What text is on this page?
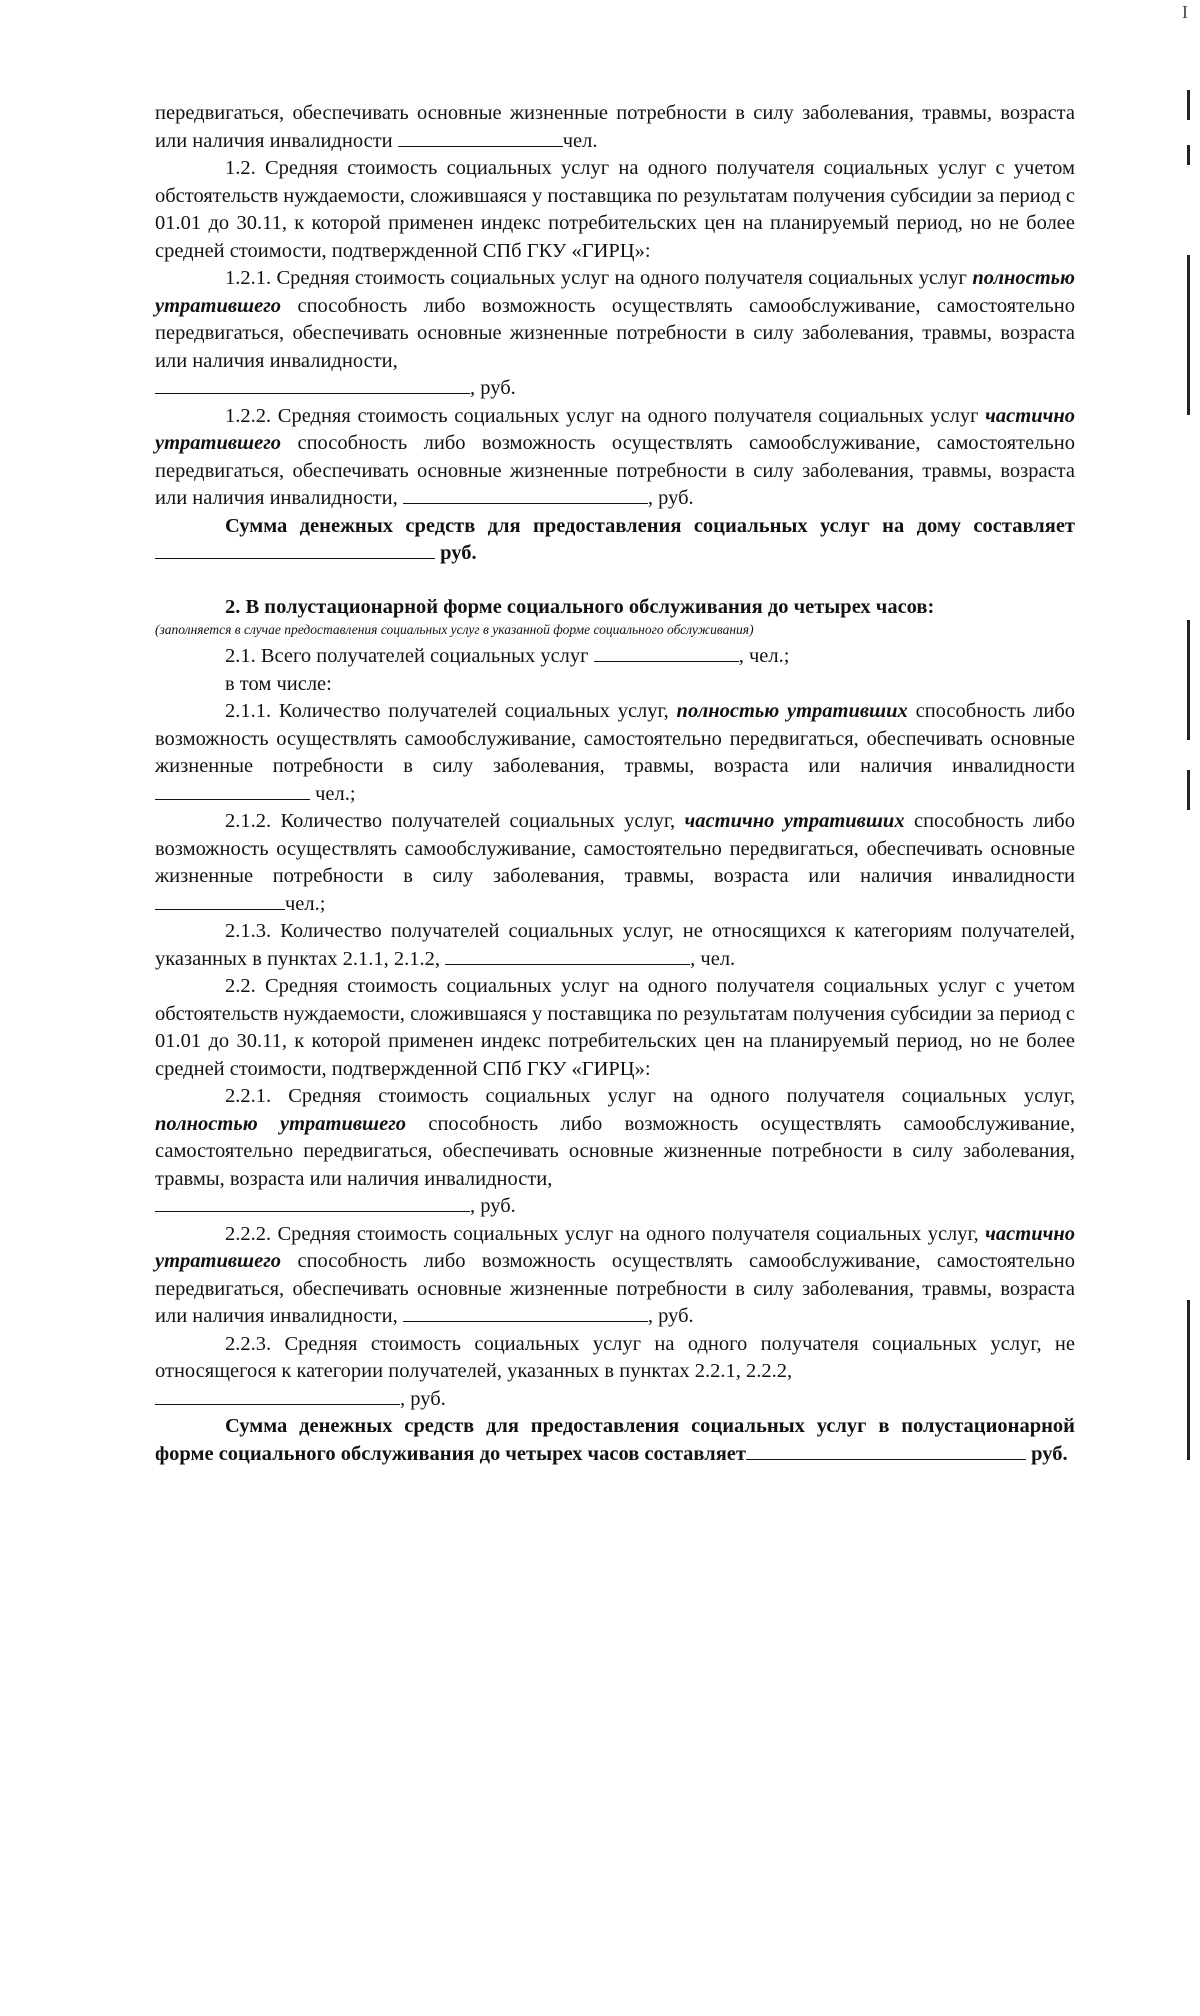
I

передвигаться, обеспечивать основные жизненные потребности в силу заболевания, травмы, возраста или наличия инвалидности	чел.

1.2. Средняя стоимость социальных услуг на одного получателя социальных услуг с учетом обстоятельств нуждаемости, сложившаяся у поставщика по результатам получения субсидии за период с 01.01 до 30.11, к которой применен индекс потребительских цен на планируемый период, но не более средней стоимости, подтвержденной СПб ГКУ «ГИРЦ»:

1.2.1. Средняя стоимость социальных услуг на одного получателя социальных услуг полностью утратившего способность либо возможность осуществлять самообслуживание, самостоятельно передвигаться, обеспечивать основные жизненные потребности в силу заболевания, травмы, возраста или наличия инвалидности,
, руб.

1.2.2. Средняя стоимость социальных услуг на одного получателя социальных услуг частично утратившего способность либо возможность осуществлять самообслуживание, самостоятельно передвигаться, обеспечивать основные жизненные потребности в силу заболевания, травмы, возраста или наличия инвалидности,	, руб.

Сумма денежных средств для предоставления социальных услуг на дому составляет руб.

2. В полустационарной форме социального обслуживания до четырех часов:

(заполняется в случае предоставления социальных услуг в указанной форме социального обслуживания)

2.1. Всего получателей социальных услуг	, чел.;

в том числе:

2.1.1. Количество получателей социальных услуг, полностью утративших способность либо возможность осуществлять самообслуживание, самостоятельно передвигаться, обеспечивать основные жизненные потребности в силу заболевания, травмы, возраста или наличия инвалидности чел.;

2.1.2. Количество получателей социальных услуг, частично утративших способность либо возможность осуществлять самообслуживание, самостоятельно передвигаться, обеспечивать основные жизненные потребности в силу заболевания, травмы, возраста или наличия инвалидности чел.;

2.1.3. Количество получателей социальных услуг, не относящихся к категориям получателей, указанных в пунктах 2.1.1, 2.1.2,	, чел.

2.2. Средняя стоимость социальных услуг на одного получателя социальных услуг с учетом обстоятельств нуждаемости, сложившаяся у поставщика по результатам получения субсидии за период с 01.01 до 30.11, к которой применен индекс потребительских цен на планируемый период, но не более средней стоимости, подтвержденной СПб ГКУ «ГИРЦ»:

2.2.1. Средняя стоимость социальных услуг на одного получателя социальных услуг, полностью утратившего способность либо возможность осуществлять самообслуживание, самостоятельно передвигаться, обеспечивать основные жизненные потребности в силу заболевания, травмы, возраста или наличия инвалидности,
, руб.

2.2.2. Средняя стоимость социальных услуг на одного получателя социальных услуг, частично утратившего способность либо возможность осуществлять самообслуживание, самостоятельно передвигаться, обеспечивать основные жизненные потребности в силу заболевания, травмы, возраста или наличия инвалидности,	, руб.

2.2.3. Средняя стоимость социальных услуг на одного получателя социальных услуг, не относящегося к категории получателей, указанных в пунктах 2.2.1, 2.2.2,
, руб.

Сумма денежных средств для предоставления социальных услуг в полустационарной форме социального обслуживания до четырех часов составляет	руб.
